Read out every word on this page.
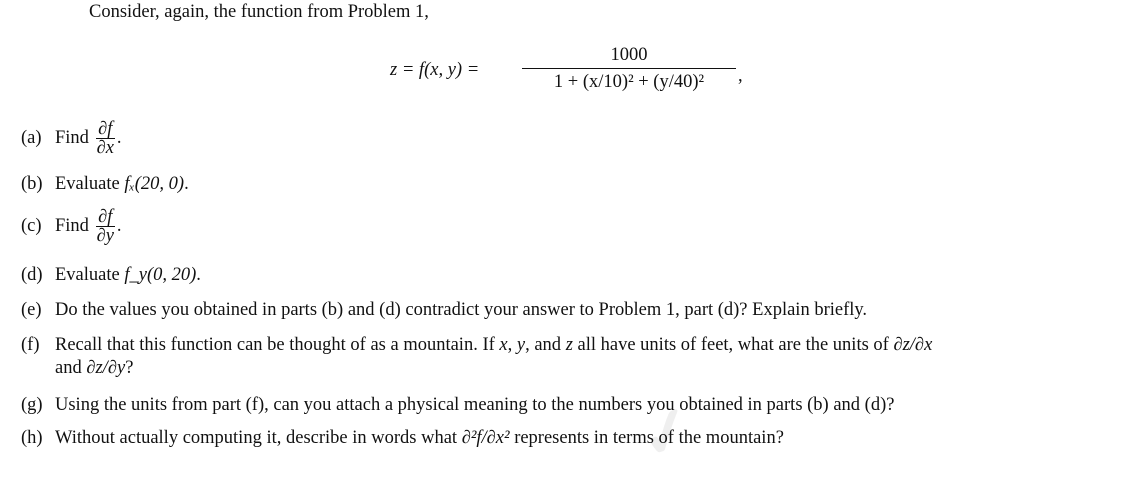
✓
Consider, again, the function from Problem 1,
z = f(x, y) =
1000
1 + (x/10)² + (y/40)²	,
(a) Find $\frac{\partial f}{\partial x}$ .
(b) Evaluate fₓ(20, 0).
(c) Find $\frac{\partial f}{\partial y}$ .
(d) Evaluate f_y(0, 20).
(e) Do the values you obtained in parts (b) and (d) contradict your answer to Problem 1, part (d)? Explain briefly.
(f) Recall that this function can be thought of as a mountain. If x, y, and z all have units of feet, what are the units of ∂z/∂x
and ∂z/∂y?
(g) Using the units from part (f), can you attach a physical meaning to the numbers you obtained in parts (b) and (d)?
(h) Without actually computing it, describe in words what ∂²f/∂x² represents in terms of the mountain?
